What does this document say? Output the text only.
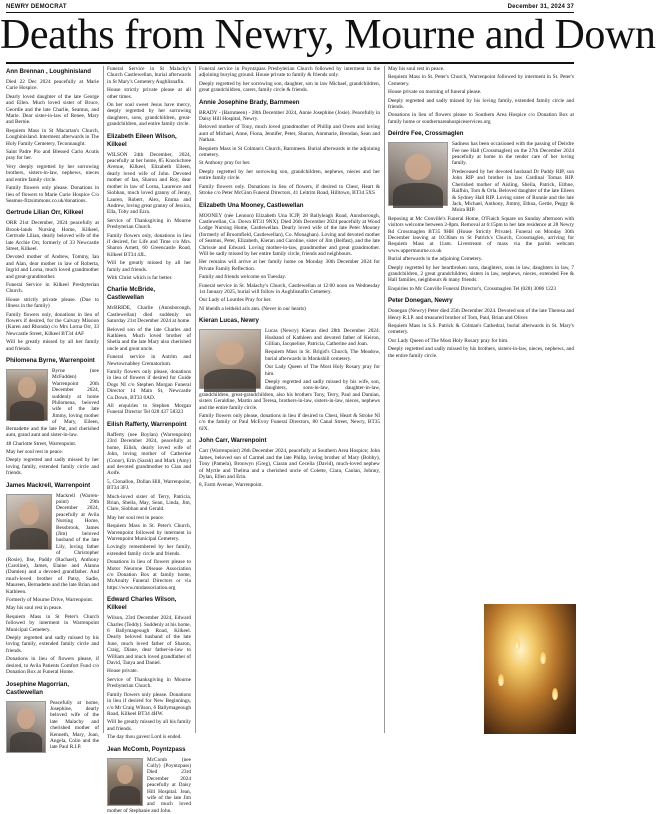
NEWRY DEMOCRAT	December 31, 2024 37
Deaths from Newry, Mourne and Down
Ann Brennan , Loughinisland

Died 22 Dec 2024 peacefully at Marie Curie Hospice.

Dearly loved daughter of the late George and Ellen. Much loved sister of Bruce, Geordie and the late Charlie, Seamus, and Marie. Dear sister-in-law of Renee, Mary and Bernie.

Requiem Mass in St Macartan's Church, Loughinisland. Interment afterwards in The Holy Family Cemetery, Teconnaught.

Saint Padre Pio and Blessed Carlo Acutis pray for her.

Very deeply regretted by her sorrowing brothers, sisters-in-law, nephews, nieces and entire family circle.

Family flowers only please. Donations in lieu of flowers to Marie Curie Hospice C/o Seamus-fitzsimmons.co.uk/donations.

Gertrude Lilian Orr, Kilkeel

ORR 21st December, 2024 peacefully at Brook-lands Nursing Home, Kilkeel, Gertrude Lilian, dearly beloved wife of the late Archie Orr, formerly of 33 Newcastle Street, Kilkeel.

Devoted mother of Andrew, Tommy, Ian and Alan, dear mother in law of Roberta, Ingrid and Lorna, much loved grandmother and great-grandmother.

Funeral Service in Kilkeel Presbyterian Church.

House strictly private please. (Due to illness in the family)

Family flowers only, donations in lieu of flowers if desired, for the Calvary Mission (Karen and Rhonda) c/o Mrs Lorna Orr, 33 Newcastle Street, Kilkeel BT34 4AF

Will be greatly missed by all her family and friends.

Philomena Byrne, Warrenpoint

Byrne (nee McFadden) Warrenpoint 20th December 2024, suddenly at home Philomena, beloved wife of the late Jimmy, loving mother of Mary, Eileen, Bernadette and the late Pat, and cherished aunt, grand aunt and sister-in-law.

48 Charlotte Street, Warrenpoint.

May her soul rest in peace.

Deeply regretted and sadly missed by her loving family, extended family circle and friends.

James Mackrell, Warrenpoint

Mackrell (Warren-point) 29th December 2024, peacefully at Avila Nursing Home, Bessbrook, James (Jim) beloved husband of the late Lily, loving father of Christopher (Rosie), Ilse, Paddy (Rachael), Anthony (Caroline), James, Elaine and Alanna (Damien) and a devoted grandfather. And much-loved brother of Patsy, Sadie, Maureen, Bernadette and the late Brian and Kathleen.

Formerly of Mourne Drive, Warrenpoint.

May his soul rest in peace.

Requiem Mass in St Peter's Church followed by interment in Warrenpoint Municipal Cemetery.

Deeply regretted and sadly missed by his loving family, extended family circle and friends.

Donations in lieu of flowers please, if desired, to Avila Patients Comfort Fund c/o Donation Box at Funeral Home.

Josephine Magorrian, Castlewellan

Peacefully at home, Josephine, dearly beloved wife of the late Malachy and cherished mother of Kenneth, Mary, Joan, Angela, Colin and the late Paul R.I.P.

Funeral Service in St Malachy's Church Castlewellan, burial afterwards in St Mary's Cemetery Aughlisnafin.

House strictly private please at all other times.

On her soul sweet Jesus have mercy, deeply regretted by her sorrowing daughters, sons, grandchildren, great-grandchildren, and entire family circle.

Elizabeth Eileen Wilson, Kilkeel

WILSON 24th December, 2024, peacefully at her home, 85 Knockchree Avenue, Kilkeel, Elizabeth Eileen, dearly loved wife of John. Devoted mother of Ian, Sharon and Roy, dear mother in law of Lorna, Laurence and Siobhan, much loved granny of Jenny, Lauren, Robert, Alex, Emma and Andrew, loving great granny of Jessica, Ella, Toby and Ezra.

Service of Thanksgiving in Mourne Presbyterian Church.

Family flowers only, donations in lieu if desired, for Life and Time c/o Mrs. Sharon Arnett, 60 Greencastle Road, Kilkeel BT34 4JL.

Will be greatly missed by all her family and friends.

With Christ which is far better.

Charlie McBride, Castlewellan

McBRIDE, Charlie (Annsborough, Castlewellan) died suddenly on Saturday 21st December 2024 at home.

Beloved son of the late Charles and Kathleen. Much loved brother of Sheila and the late Mary also cherished uncle and great uncle.

Funeral service in Antrim and Newtownabbey Crematorium.

Family flowers only please, donations in lieu of flowers if desired for Guide Dogs NI c/o Stephen Morgan Funeral Director 14 Main St, Newcastle Co.Down, BT33 0AD.

All enquiries to Stephen Morgan Funeral Director Tel 028 437 58323

Eilish Rafferty, Warrenpoint

Rafferty (nee Boylan) (Warrenpoint) 23rd December 2024, peacefully at home, Eilish, dearly loved wife of John, loving mother of Catherine (Conor), Erin (Sarah) and Mark (Amy) and devoted grandmother to Cian and Aoife.

5, Clonallon, Dollan Hill, Warrenpoint, BT34 3FJ.

Much-loved sister of Terry, Patricia, Brian, Sheila, May, Sean, Linda, Jim, Clare, Siobhan and Gerald.

May her soul rest in peace.

Requiem Mass in St. Peter's Church, Warrenpoint followed by interment in Warrenpoint Municipal Cemetery.

Lovingly remembered by her family, extended family circle and friends.

Donations in lieu of flowers please to Motor Neurone Disease Association c/o Donation Box at family home, McAnulty Funeral Directors or via https://www.mndassociation.org

Edward Charles Wilson, Kilkeel

Wilson, 23rd December 2024, Edward Charles (Teddy). Suddenly at his home, 6 Ballymageough Road, Kilkeel. Dearly beloved husband of the late June, much loved father of Sharon, Craig, Diane, dear father-in-law to William and much loved grandfather of David, Tanya and Daniel.

House private.

Service of Thanksgiving in Mourne Presbyterian Church.

Family flowers only please. Donations in lieu if desired for New Beginnings, c/o Mr Craig Wilson, 6 Ballymageough Road, Kilkeel BT34 4HW.

Will be greatly missed by all his family and friends.

The day thou gavest Lord is ended.

Jean McComb, Poyntzpass

McComb (nee Cully) (Poyntzpass) Died 23rd December 2024 peacefully at Daisy Hill Hospital. Jean, wife of the late Jim and much loved mother of Stephanie and John.

Funeral service in Poyntzpass Presbyterian Church followed by interment in the adjoining burying ground. House private to family & friends only.

Deeply regretted by her sorrowing son, daughter, son in law Michael, grandchildren, great grandchildren, carers, family circle & friends.

Annie Josephine Brady, Barnmeen

BRADY - (Barnmeen) - 28th December 2024, Annie Josephine (Josie). Peacefully in Daisy Hill Hospital, Newry.

Beloved mother of Tony, much loved grandmother of Phillip and Owen and loving aunt of Michael, Anne, Fiona, Jennifer, Peter, Sharon, Annmarie, Brendan, Sean and Nathan.

Requiem Mass in St Colman's Church, Barnmeen. Burial afterwards in the adjoining cemetery.

St Anthony pray for her.

Deeply regretted by her sorrowing son, grandchildren, nephews, nieces and her entire family circle.

Family flowers only. Donations in lieu of flowers, if desired to Chest, Heart & Stroke c/o Peter McGinn Funeral Directors, 41 Leitrim Road, Hilltown, BT34 5XS

Elizabeth Una Mooney, Castlewellan

MOONEY (née Lennon) Elizabeth Una ICJP, 28 Ballyleagh Road, Annsborough, Castlewellan, Co. Down BT31 9NX). Died 26th December 2024 peacefully at Wood Lodge Nursing Home, Castlewellan. Dearly loved wife of the late Peter Mooney (formerly of Broomfield, Castlewellan), Co. Monaghan). Loving and devoted mother of Seamus, Peter, Elizabeth, Kieran and Caroline, sister of Jim (Belfast), and the late Chrissie and Edward. Loving mother-in-law, grandmother and great grandmother. Will be sadly missed by her entire family circle, friends and neighbours.

Her remains will arrive at her family home on Monday 30th December 2024 for Private Family Reflection.

Family and friends welcome on Tuesday.

Funeral service in St. Malachy's Church, Castlewellan at 12:00 noon on Wednesday 1st January 2025, burial will follow in Aughlisnafin Cemetery.

Our Lady of Lourdes Pray for her.

Ní bheidh a leithéid arís ann. (Never in our hearts)

Kieran Lucas, Newry

Lucas (Newry) Kieran died 28th December 2024. Husband of Kathleen and devoted father of Keiron, Gillian, Jacqueline, Patricia, Catherine and Joan.

Requiem Mass in St. Brigid's Church, The Meadow, burial afterwards in Monkshill cemetery.

Our Lady Queen of The Most Holy Rosary pray for him.

Deeply regretted and sadly missed by his wife, son, daughters, sons-in-law, daughter-in-law, grandchildren, great-grandchildren, also his brothers Tony, Terry, Paul and Damian, sisters Geraldine, Martin and Teresa, brothers-in-law, sisters-in-law, nieces, nephews and the entire family circle.

Family flowers only please, donations in lieu if desired to Chest, Heart & Stroke NI c/o the family or Paul McEvoy Funeral Directors, 80 Canal Street, Newry, BT35 6JX.

John Carr, Warrenpoint

Carr (Warrenpoint) 26th December 2024, peacefully at Southern Area Hospice; John James, beloved son of Carmel and the late Philip, loving brother of Mary (Bobby), Tony (Pamela), Bronwyn (Greg), Ciaran and Cecelia (David), much-loved nephew of Myrtle and Thelma and a cherished uncle of Colette, Ciara, Caolan, Johnny, Dylan, Ellen and Erin.

8, Farm Avenue, Warrenpoint.

May his soul rest in peace.

Requiem Mass in St. Peter's Church, Warrenpoint followed by interment in St. Peter's Cemetery.

House private on morning of funeral please.

Deeply regretted and sadly missed by his loving family, extended family circle and friends.

Donations in lieu of flowers please to Southern Area Hospice c/o Donation Box at family home or southernareahospiceservices.org

Deirdre Fee, Crossmaglen

Sadness has been occasioned with the passing of Deirdre Fee nee Hall (Crossmaglen) on the 27th December 2024 peacefully at home in the tender care of her loving family.

Predeceased by her devoted husband Dr Paddy RIP, son John RIP and brother in law Cardinal Tomas RIP. Cherished mother of Aisling, Sheila, Patrick, Eithne, Raifhin, Tom & Orla. Beloved daughter of the late Eileen & Sydney Hall RIP. Loving sister of Ronnie and the late Jack, Michael, Anthony, Jimmy, Ethna, Gertie, Peggy & Moira RIP.

Reposing at Mc Conville's Funeral Home, O'Fiaich Square on Sunday afternoon with visitors welcome between 2-8pm. Removal at 6:15pm to her late residence at 28 Newry Rd Crossmaglen BT35 9HH (House Strictly Private). Funeral on Monday 30th December leaving at 10:30am to St Patrick's Church, Crossmaglen, arriving for Requiem Mass at 11am. Livestream of mass via the parish webcam www.uppermourne.co.uk

Burial afterwards in the adjoining Cemetery.

Deeply regretted by her heartbroken sons, daughters, sons in law, daughters in law, 7 grandchildren, 2 great grandchildren, sisters in law, nephews, nieces, extended Fee & Hall families, neighbours & many friends.

Enquiries to Mc Conville Funeral Director's, Crossmaglen Tel (028) 3086 1223

Peter Donegan, Newry

Donegan (Newry) Peter died 25th December 2024. Devoted son of the late Theresa and Henry R.I.P. and treasured brother of Tom, Paul, Brian and Oliver.

Requiem Mass in S.S. Patrick & Colman's Cathedral, burial afterwards in St. Mary's cemetery.

Our Lady Queen of The Most Holy Rosary pray for him.

Deeply regretted and sadly missed by his brothers, sisters-in-law, nieces, nephews, and the entire family circle.
